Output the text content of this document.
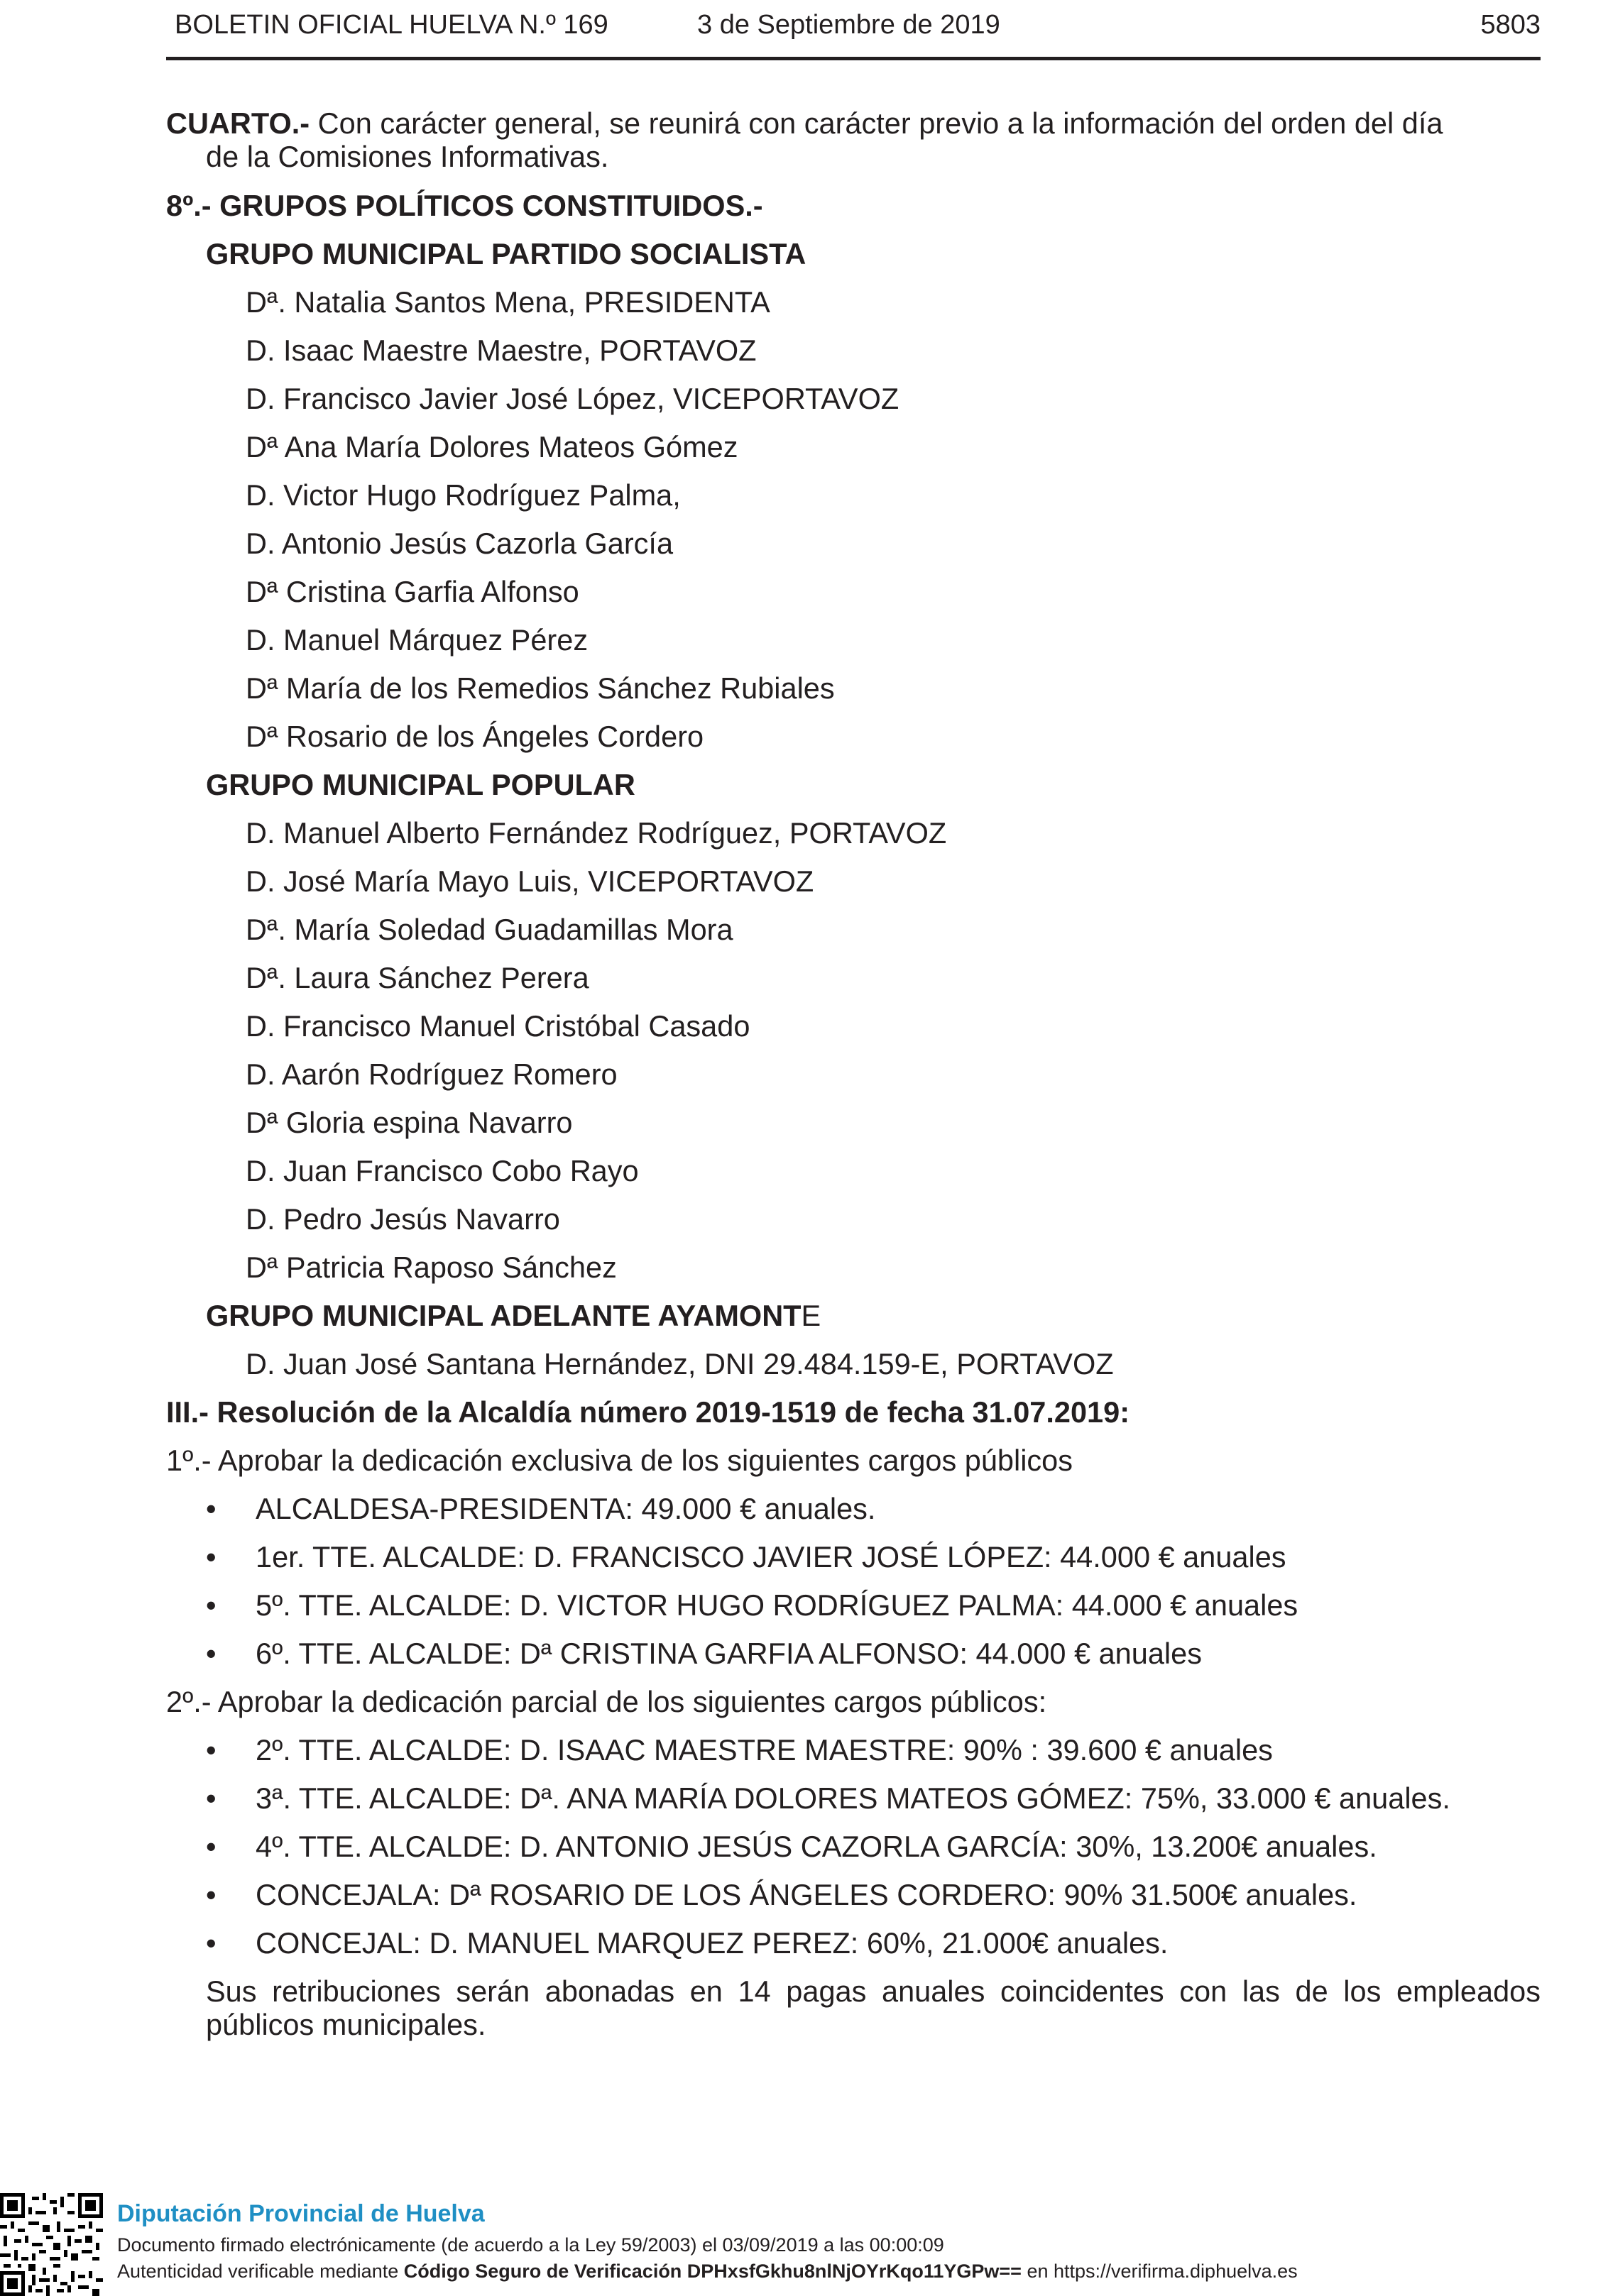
BOLETIN OFICIAL HUELVA N.º 169	3 de Septiembre de 2019	5803

CUARTO.- Con carácter general, se reunirá con carácter previo a la información del orden del día
de la Comisiones Informativas.

8º.- GRUPOS POLÍTICOS CONSTITUIDOS.-
GRUPO MUNICIPAL PARTIDO SOCIALISTA
Dª. Natalia Santos Mena, PRESIDENTA
D. Isaac Maestre Maestre, PORTAVOZ
D. Francisco Javier José López, VICEPORTAVOZ
Dª Ana María Dolores Mateos Gómez
D. Victor Hugo Rodríguez Palma,
D. Antonio Jesús Cazorla García
Dª Cristina Garfia Alfonso
D. Manuel Márquez Pérez
Dª María de los Remedios Sánchez Rubiales
Dª Rosario de los Ángeles Cordero
GRUPO MUNICIPAL POPULAR
D. Manuel Alberto Fernández Rodríguez, PORTAVOZ
D. José María Mayo Luis, VICEPORTAVOZ
Dª. María Soledad Guadamillas Mora
Dª. Laura Sánchez Perera
D. Francisco Manuel Cristóbal Casado
D. Aarón Rodríguez Romero
Dª Gloria espina Navarro
D. Juan Francisco Cobo Rayo
D. Pedro Jesús Navarro
Dª Patricia Raposo Sánchez
GRUPO MUNICIPAL ADELANTE AYAMONTE
D. Juan José Santana Hernández, DNI 29.484.159-E, PORTAVOZ
III.- Resolución de la Alcaldía número 2019-1519 de fecha 31.07.2019:
1º.- Aprobar la dedicación exclusiva de los siguientes cargos públicos
• ALCALDESA-PRESIDENTA: 49.000 € anuales.
• 1er. TTE. ALCALDE: D. FRANCISCO JAVIER JOSÉ LÓPEZ: 44.000 € anuales
• 5º. TTE. ALCALDE: D. VICTOR HUGO RODRÍGUEZ PALMA: 44.000 € anuales
• 6º. TTE. ALCALDE: Dª CRISTINA GARFIA ALFONSO: 44.000 € anuales
2º.- Aprobar la dedicación parcial de los siguientes cargos públicos:
• 2º. TTE. ALCALDE: D. ISAAC MAESTRE MAESTRE: 90% : 39.600 € anuales
• 3ª. TTE. ALCALDE: Dª. ANA MARÍA DOLORES MATEOS GÓMEZ: 75%, 33.000 € anuales.
• 4º. TTE. ALCALDE: D. ANTONIO JESÚS CAZORLA GARCÍA: 30%, 13.200€ anuales.
• CONCEJALA: Dª ROSARIO DE LOS ÁNGELES CORDERO: 90% 31.500€ anuales.
• CONCEJAL: D. MANUEL MARQUEZ PEREZ: 60%, 21.000€ anuales.
Sus retribuciones serán abonadas en 14 pagas anuales coincidentes con las de los empleados públicos municipales.
Diputación Provincial de Huelva
Documento firmado electrónicamente (de acuerdo a la Ley 59/2003) el 03/09/2019 a las 00:00:09
Autenticidad verificable mediante Código Seguro de Verificación DPHxsfGkhu8nlNjOYrKqo11YGPw== en https://verifirma.diphuelva.es
